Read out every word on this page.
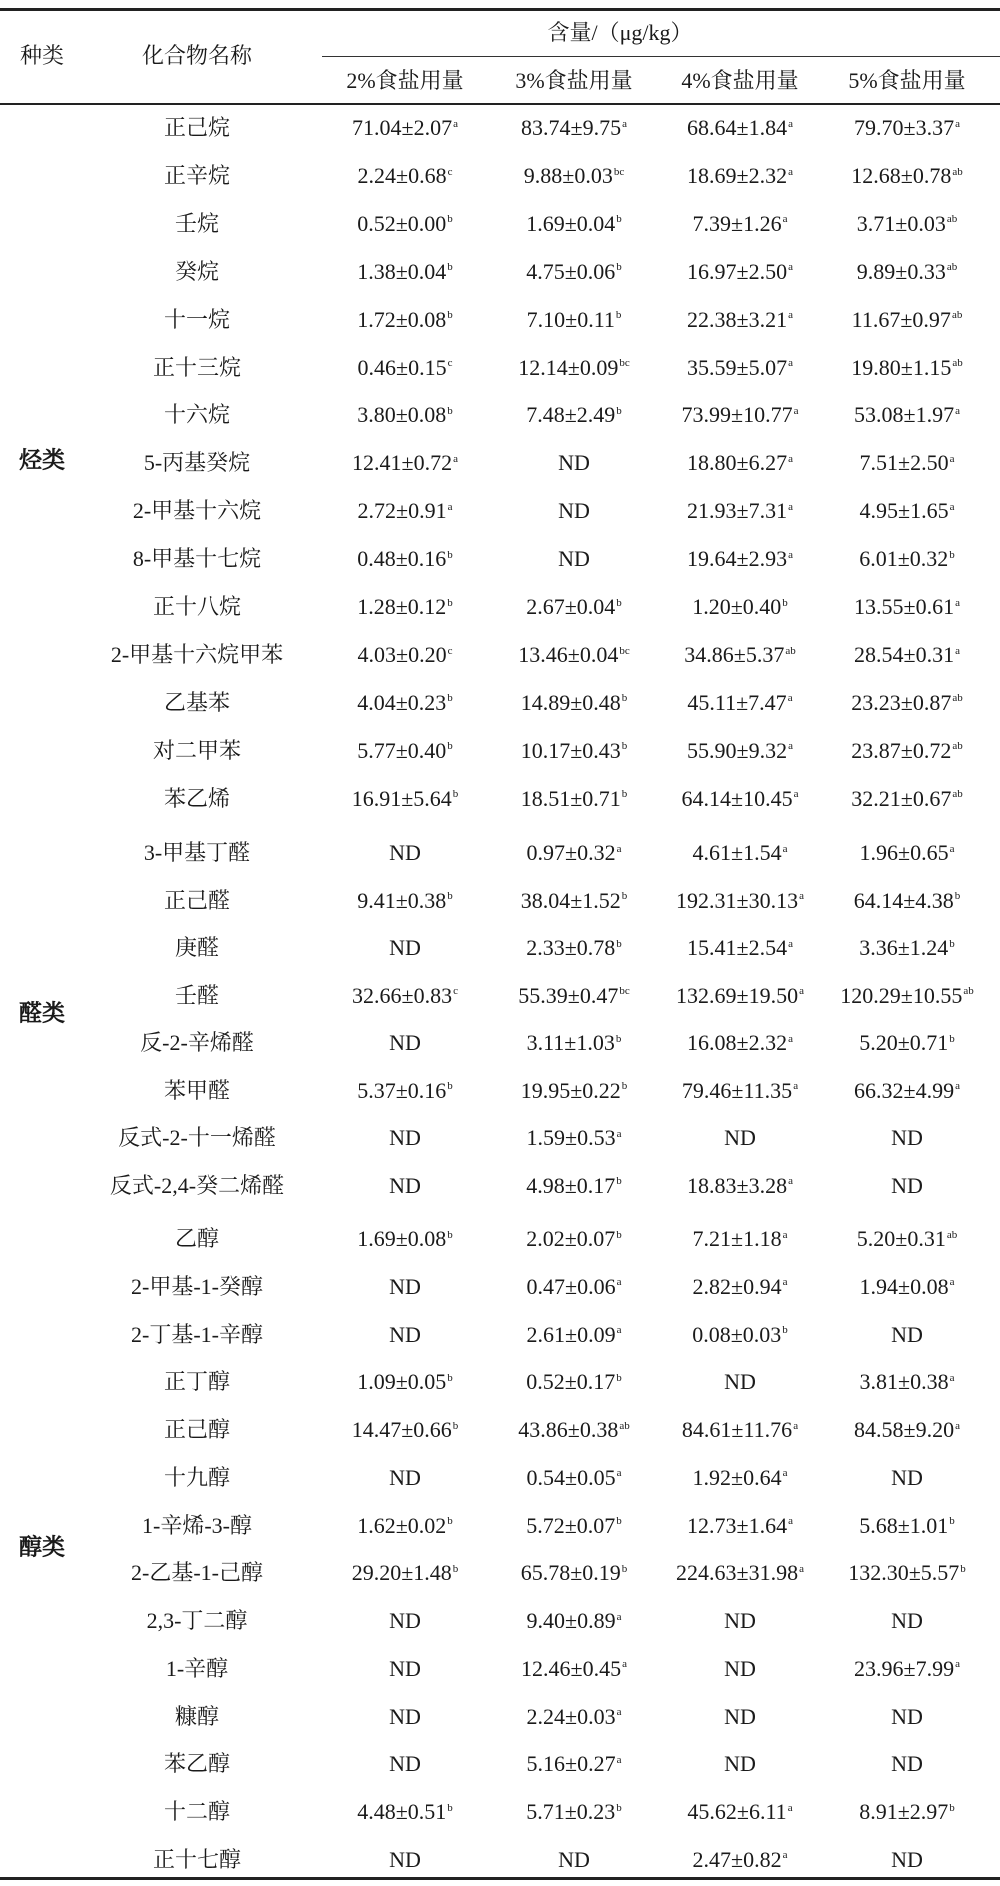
种类	化合物名称
含量/（μg/kg）
2%食盐用量 3%食盐用量 4%食盐用量 5%食盐用量
烃类
正己烷	71.04±2.07$^a$	83.74±9.75$^a$	68.64±1.84$^a$	79.70±3.37$^a$
正辛烷	2.24±0.68$^c$	9.88±0.03$^{bc}$	18.69±2.32$^a$	12.68±0.78$^{ab}$
壬烷	0.52±0.00$^b$	1.69±0.04$^b$	7.39±1.26$^a$	3.71±0.03$^{ab}$
癸烷	1.38±0.04$^b$	4.75±0.06$^b$	16.97±2.50$^a$	9.89±0.33$^{ab}$
十一烷	1.72±0.08$^b$	7.10±0.11$^b$	22.38±3.21$^a$	11.67±0.97$^{ab}$
正十三烷	0.46±0.15$^c$	12.14±0.09$^{bc}$	35.59±5.07$^a$	19.80±1.15$^{ab}$
十六烷	3.80±0.08$^b$	7.48±2.49$^b$	73.99±10.77$^a$	53.08±1.97$^a$
5-丙基癸烷	12.41±0.72$^a$	ND	18.80±6.27$^a$	7.51±2.50$^a$
2-甲基十六烷	2.72±0.91$^a$	ND	21.93±7.31$^a$	4.95±1.65$^a$
8-甲基十七烷	0.48±0.16$^b$	ND	19.64±2.93$^a$	6.01±0.32$^b$
正十八烷	1.28±0.12$^b$	2.67±0.04$^b$	1.20±0.40$^b$	13.55±0.61$^a$
2-甲基十六烷甲苯	4.03±0.20$^c$	13.46±0.04$^{bc}$ 34.86±5.37$^{ab}$	28.54±0.31$^a$
乙基苯	4.04±0.23$^b$	14.89±0.48$^b$	45.11±7.47$^a$	23.23±0.87$^{ab}$
对二甲苯	5.77±0.40$^b$	10.17±0.43$^b$	55.90±9.32$^a$	23.87±0.72$^{ab}$
苯乙烯	16.91±5.64$^b$	18.51±0.71$^b$ 64.14±10.45$^a$ 32.21±0.67$^{ab}$
醛类
3-甲基丁醛	ND	0.97±0.32$^a$	4.61±1.54$^a$	1.96±0.65$^a$
正己醛	9.41±0.38$^b$	38.04±1.52$^b$ 192.31±30.13$^a$ 64.14±4.38$^b$
庚醛	ND	2.33±0.78$^b$	15.41±2.54$^a$	3.36±1.24$^b$
壬醛	32.66±0.83$^c$	55.39±0.47$^{bc}$ 132.69±19.50$^a$ 120.29±10.55$^{ab}$
反-2-辛烯醛	ND	3.11±1.03$^b$	16.08±2.32$^a$	5.20±0.71$^b$
苯甲醛	5.37±0.16$^b$	19.95±0.22$^b$ 79.46±11.35$^a$	66.32±4.99$^a$
反式-2-十一烯醛	ND	1.59±0.53$^a$	ND	ND
反式-2,4-癸二烯醛	ND	4.98±0.17$^b$	18.83±3.28$^a$	ND
醇类
乙醇	1.69±0.08$^b$	2.02±0.07$^b$	7.21±1.18$^a$	5.20±0.31$^{ab}$
2-甲基-1-癸醇	ND	0.47±0.06$^a$	2.82±0.94$^a$	1.94±0.08$^a$
2-丁基-1-辛醇	ND	2.61±0.09$^a$	0.08±0.03$^b$	ND
正丁醇	1.09±0.05$^b$	0.52±0.17$^b$	ND	3.81±0.38$^a$
正己醇	14.47±0.66$^b$	43.86±0.38$^{ab}$ 84.61±11.76$^a$	84.58±9.20$^a$
十九醇	ND	0.54±0.05$^a$	1.92±0.64$^a$	ND
1-辛烯-3-醇	1.62±0.02$^b$	5.72±0.07$^b$	12.73±1.64$^a$	5.68±1.01$^b$
2-乙基-1-己醇	29.20±1.48$^b$	65.78±0.19$^b$ 224.63±31.98$^a$ 132.30±5.57$^b$
2,3-丁二醇	ND	9.40±0.89$^a$	ND	ND
1-辛醇	ND	12.46±0.45$^a$	ND	23.96±7.99$^a$
糠醇	ND	2.24±0.03$^a$	ND	ND
苯乙醇	ND	5.16±0.27$^a$	ND	ND
十二醇	4.48±0.51$^b$	5.71±0.23$^b$	45.62±6.11$^a$	8.91±2.97$^b$
正十七醇	ND	ND	2.47±0.82$^a$	ND
